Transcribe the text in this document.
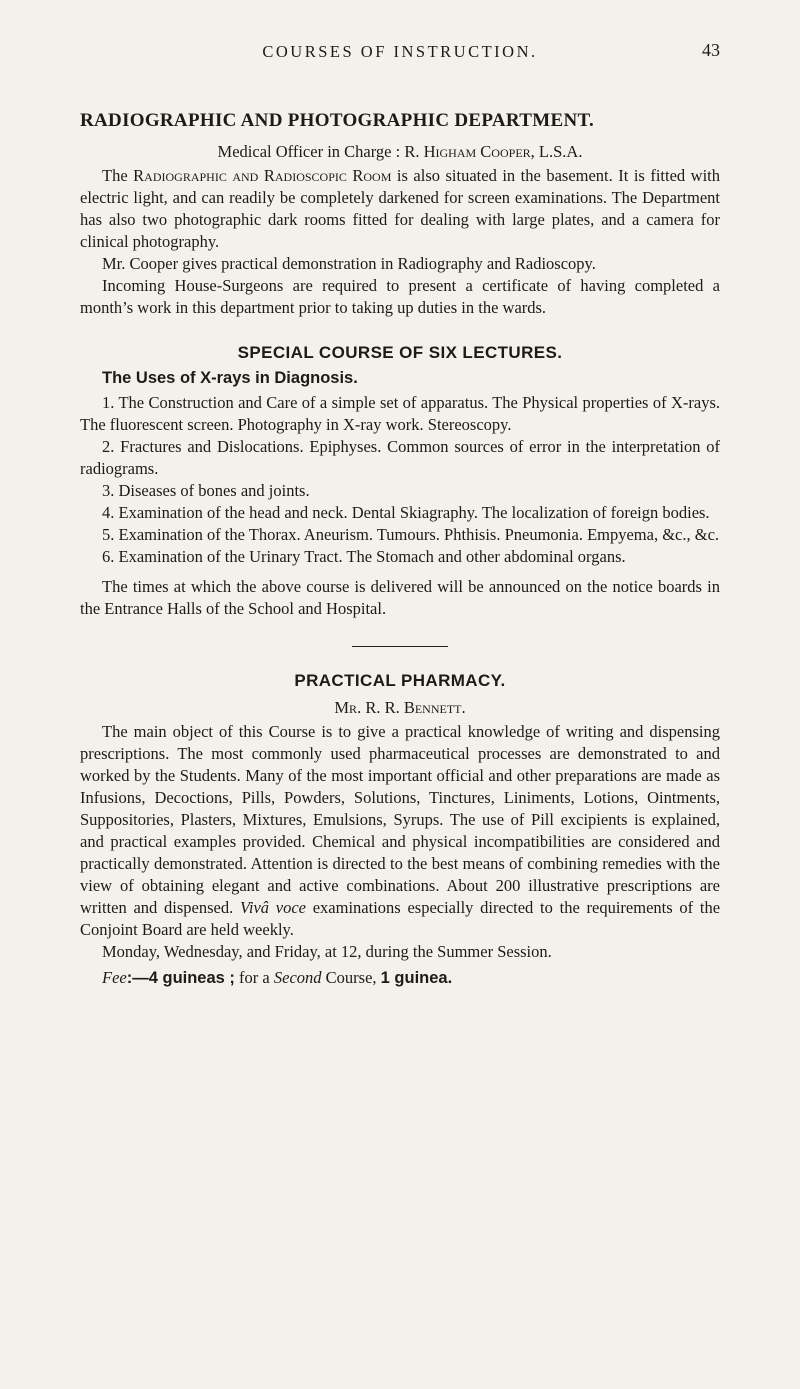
COURSES OF INSTRUCTION.	43
RADIOGRAPHIC AND PHOTOGRAPHIC DEPARTMENT.

Medical Officer in Charge : R. Higham Cooper, L.S.A.

The Radiographic and Radioscopic Room is also situated in the basement. It is fitted with electric light, and can readily be completely darkened for screen examinations. The Department has also two photographic dark rooms fitted for dealing with large plates, and a camera for clinical photography.

Mr. Cooper gives practical demonstration in Radiography and Radioscopy.

Incoming House-Surgeons are required to present a certificate of having completed a month’s work in this department prior to taking up duties in the wards.

SPECIAL COURSE OF SIX LECTURES.
The Uses of X-rays in Diagnosis.

1. The Construction and Care of a simple set of apparatus. The Physical properties of X-rays. The fluorescent screen. Photography in X-ray work. Stereoscopy.

2. Fractures and Dislocations. Epiphyses. Common sources of error in the interpretation of radiograms.

3. Diseases of bones and joints.

4. Examination of the head and neck. Dental Skiagraphy. The localization of foreign bodies.

5. Examination of the Thorax. Aneurism. Tumours. Phthisis. Pneumonia. Empyema, &c., &c.

6. Examination of the Urinary Tract. The Stomach and other abdominal organs.

The times at which the above course is delivered will be announced on the notice boards in the Entrance Halls of the School and Hospital.

PRACTICAL PHARMACY.

Mr. R. R. Bennett.

The main object of this Course is to give a practical knowledge of writing and dispensing prescriptions. The most commonly used pharmaceutical processes are demonstrated to and worked by the Students. Many of the most important official and other preparations are made as Infusions, Decoctions, Pills, Powders, Solutions, Tinctures, Liniments, Lotions, Ointments, Suppositories, Plasters, Mixtures, Emulsions, Syrups. The use of Pill excipients is explained, and practical examples provided. Chemical and physical incompatibilities are considered and practically demonstrated. Attention is directed to the best means of combining remedies with the view of obtaining elegant and active combinations. About 200 illustrative prescriptions are written and dispensed. Vivâ voce examinations especially directed to the requirements of the Conjoint Board are held weekly.

Monday, Wednesday, and Friday, at 12, during the Summer Session.

Fee:—4 guineas ; for a Second Course, 1 guinea.
